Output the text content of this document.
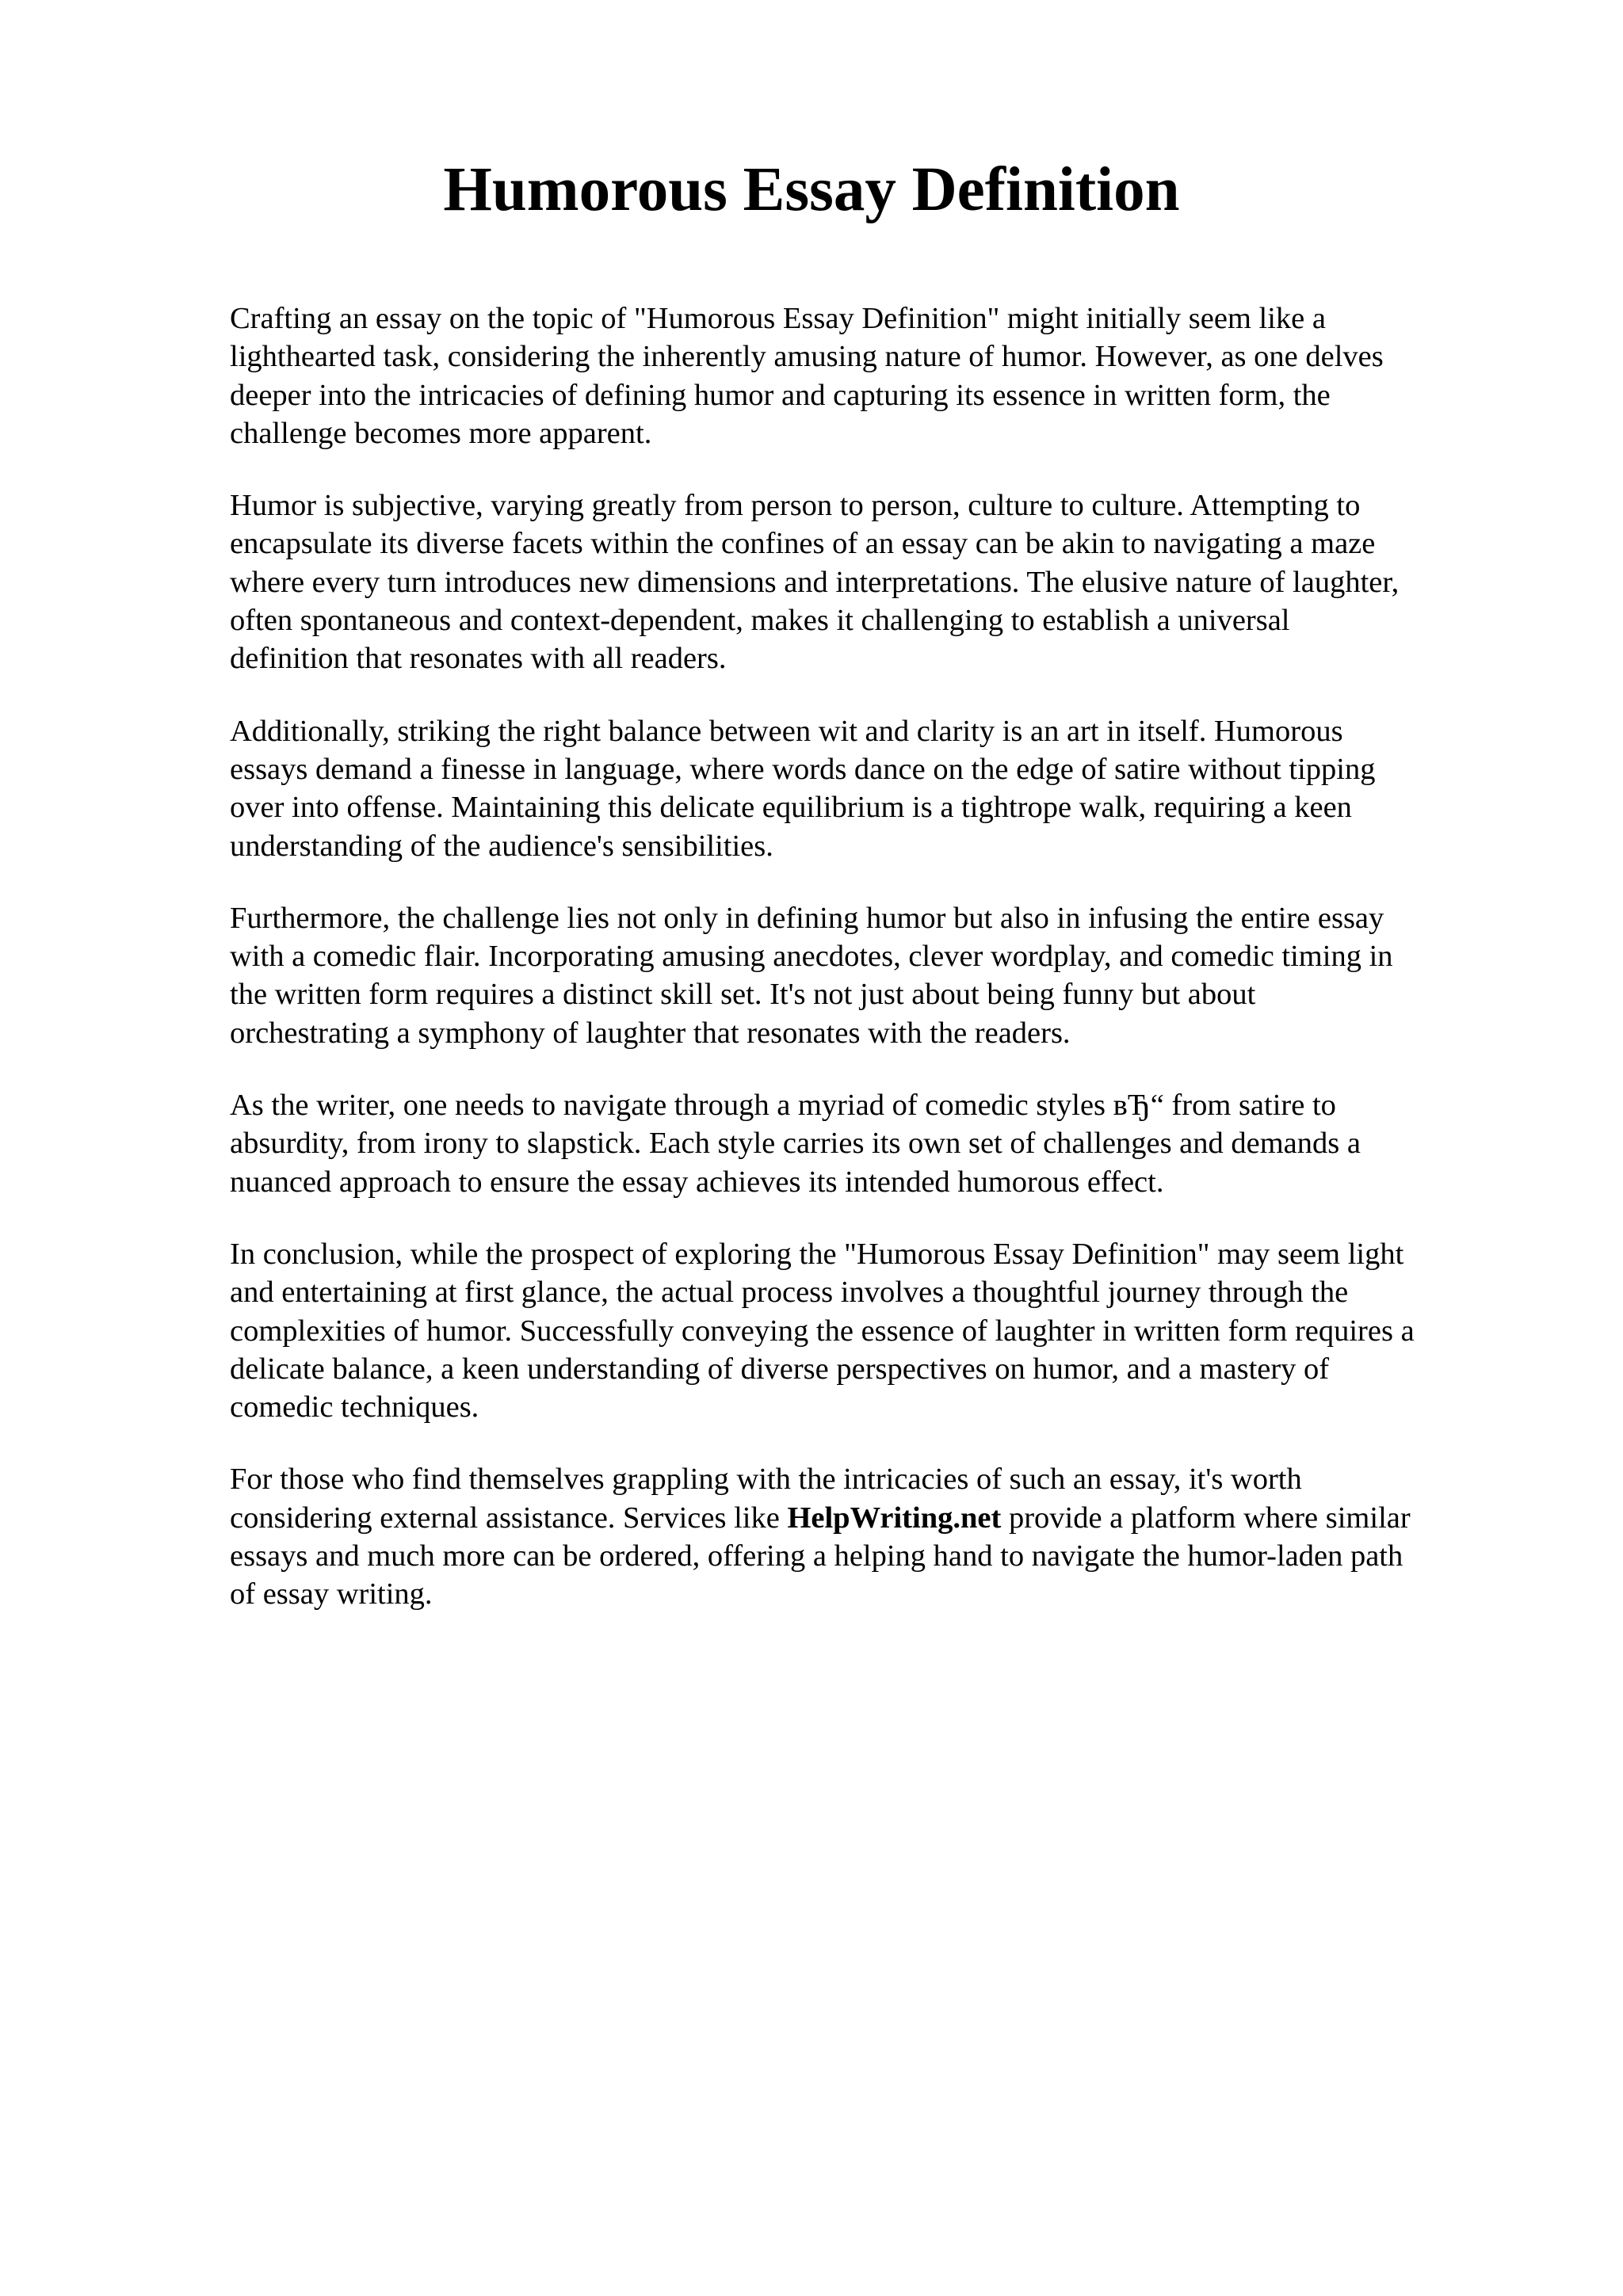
Humorous Essay Definition

Crafting an essay on the topic of "Humorous Essay Definition" might initially seem like a
lighthearted task, considering the inherently amusing nature of humor. However, as one delves
deeper into the intricacies of defining humor and capturing its essence in written form, the
challenge becomes more apparent.

Humor is subjective, varying greatly from person to person, culture to culture. Attempting to
encapsulate its diverse facets within the confines of an essay can be akin to navigating a maze
where every turn introduces new dimensions and interpretations. The elusive nature of laughter,
often spontaneous and context-dependent, makes it challenging to establish a universal
definition that resonates with all readers.

Additionally, striking the right balance between wit and clarity is an art in itself. Humorous
essays demand a finesse in language, where words dance on the edge of satire without tipping
over into offense. Maintaining this delicate equilibrium is a tightrope walk, requiring a keen
understanding of the audience's sensibilities.

Furthermore, the challenge lies not only in defining humor but also in infusing the entire essay
with a comedic flair. Incorporating amusing anecdotes, clever wordplay, and comedic timing in
the written form requires a distinct skill set. It's not just about being funny but about
orchestrating a symphony of laughter that resonates with the readers.

As the writer, one needs to navigate through a myriad of comedic styles вЂ“ from satire to
absurdity, from irony to slapstick. Each style carries its own set of challenges and demands a
nuanced approach to ensure the essay achieves its intended humorous effect.

In conclusion, while the prospect of exploring the "Humorous Essay Definition" may seem light
and entertaining at first glance, the actual process involves a thoughtful journey through the
complexities of humor. Successfully conveying the essence of laughter in written form requires a
delicate balance, a keen understanding of diverse perspectives on humor, and a mastery of
comedic techniques.

For those who find themselves grappling with the intricacies of such an essay, it's worth
considering external assistance. Services like HelpWriting.net provide a platform where similar
essays and much more can be ordered, offering a helping hand to navigate the humor-laden path
of essay writing.
